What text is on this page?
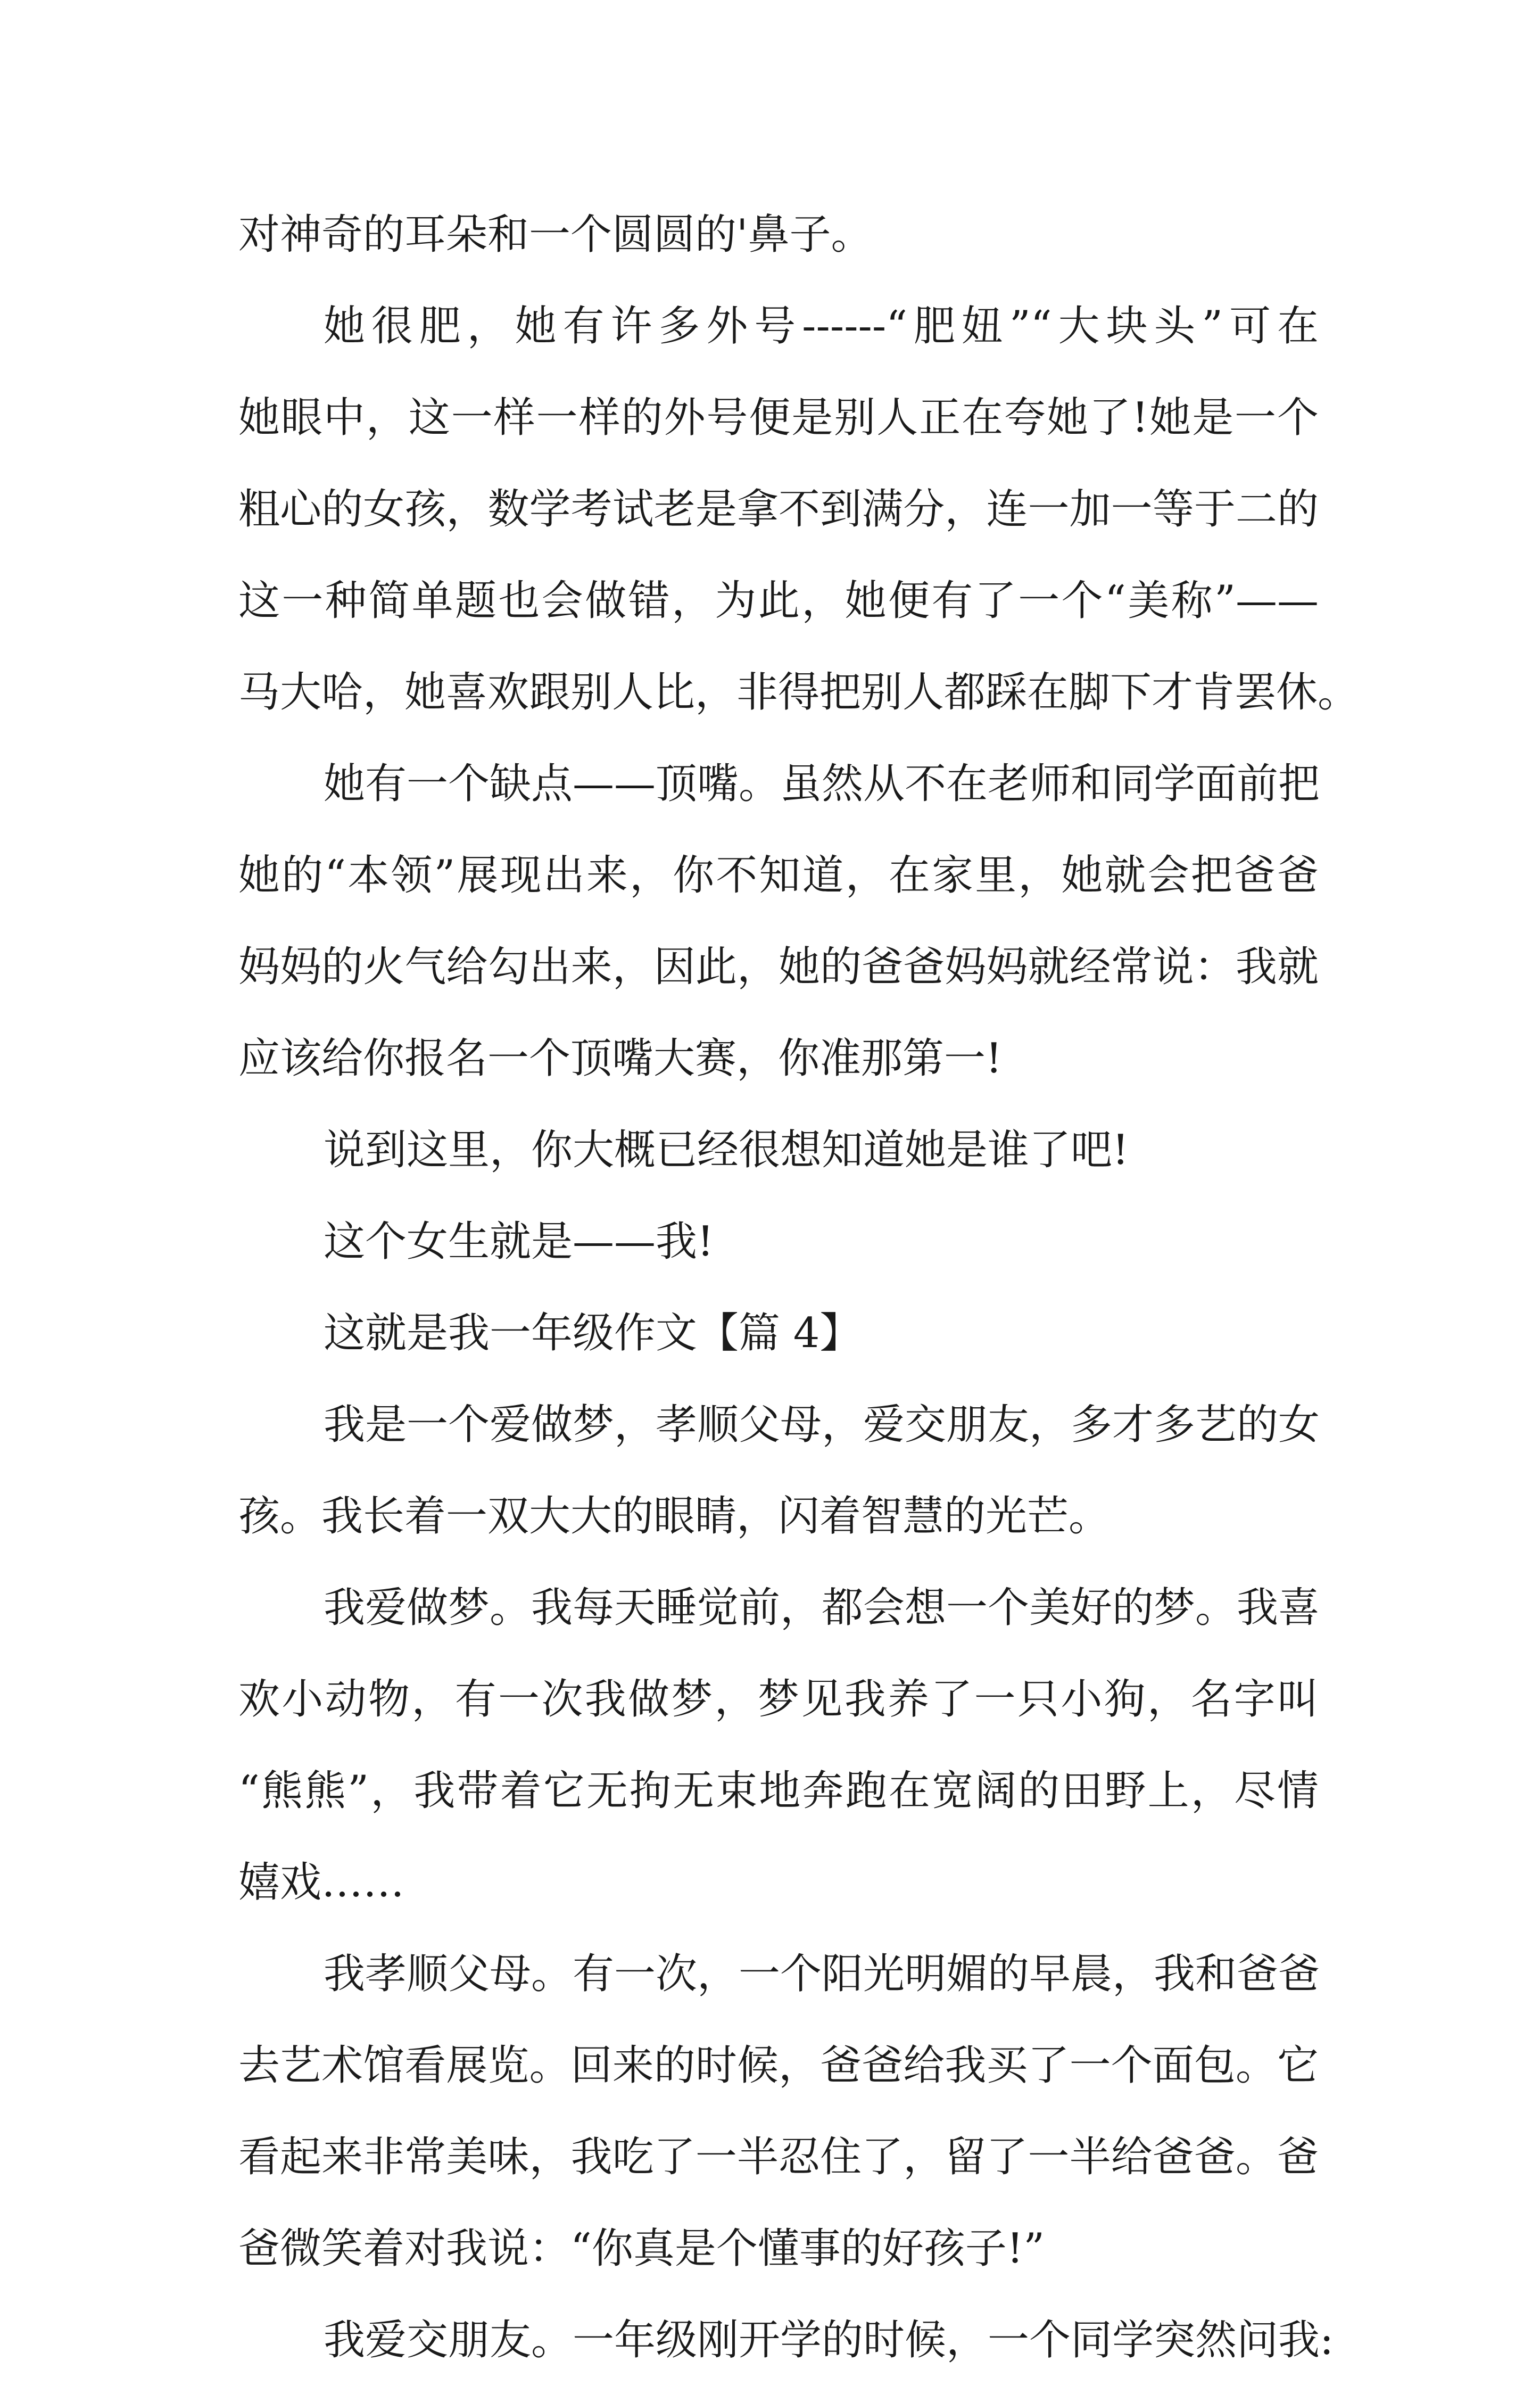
对神奇的耳朵和一个圆圆的'鼻子。
她很肥，她有许多外号------“肥妞”“大块头”可在
她眼中，这一样一样的外号便是别人正在夸她了!她是一个
粗心的女孩，数学考试老是拿不到满分，连一加一等于二的
这一种简单题也会做错，为此，她便有了一个“美称”——
马大哈，她喜欢跟别人比，非得把别人都踩在脚下才肯罢休。
她有一个缺点——顶嘴。虽然从不在老师和同学面前把
她的“本领”展现出来，你不知道，在家里，她就会把爸爸
妈妈的火气给勾出来，因此，她的爸爸妈妈就经常说：我就
应该给你报名一个顶嘴大赛，你准那第一!
说到这里，你大概已经很想知道她是谁了吧!
这个女生就是——我!
这就是我一年级作文【篇 4】
我是一个爱做梦，孝顺父母，爱交朋友，多才多艺的女
孩。我长着一双大大的眼睛，闪着智慧的光芒。
我爱做梦。我每天睡觉前，都会想一个美好的梦。我喜
欢小动物，有一次我做梦，梦见我养了一只小狗，名字叫
“熊熊”，我带着它无拘无束地奔跑在宽阔的田野上，尽情
嬉戏……
我孝顺父母。有一次，一个阳光明媚的早晨，我和爸爸
去艺术馆看展览。回来的时候，爸爸给我买了一个面包。它
看起来非常美味，我吃了一半忍住了，留了一半给爸爸。爸
爸微笑着对我说：“你真是个懂事的好孩子!”
我爱交朋友。一年级刚开学的时候，一个同学突然问我:
